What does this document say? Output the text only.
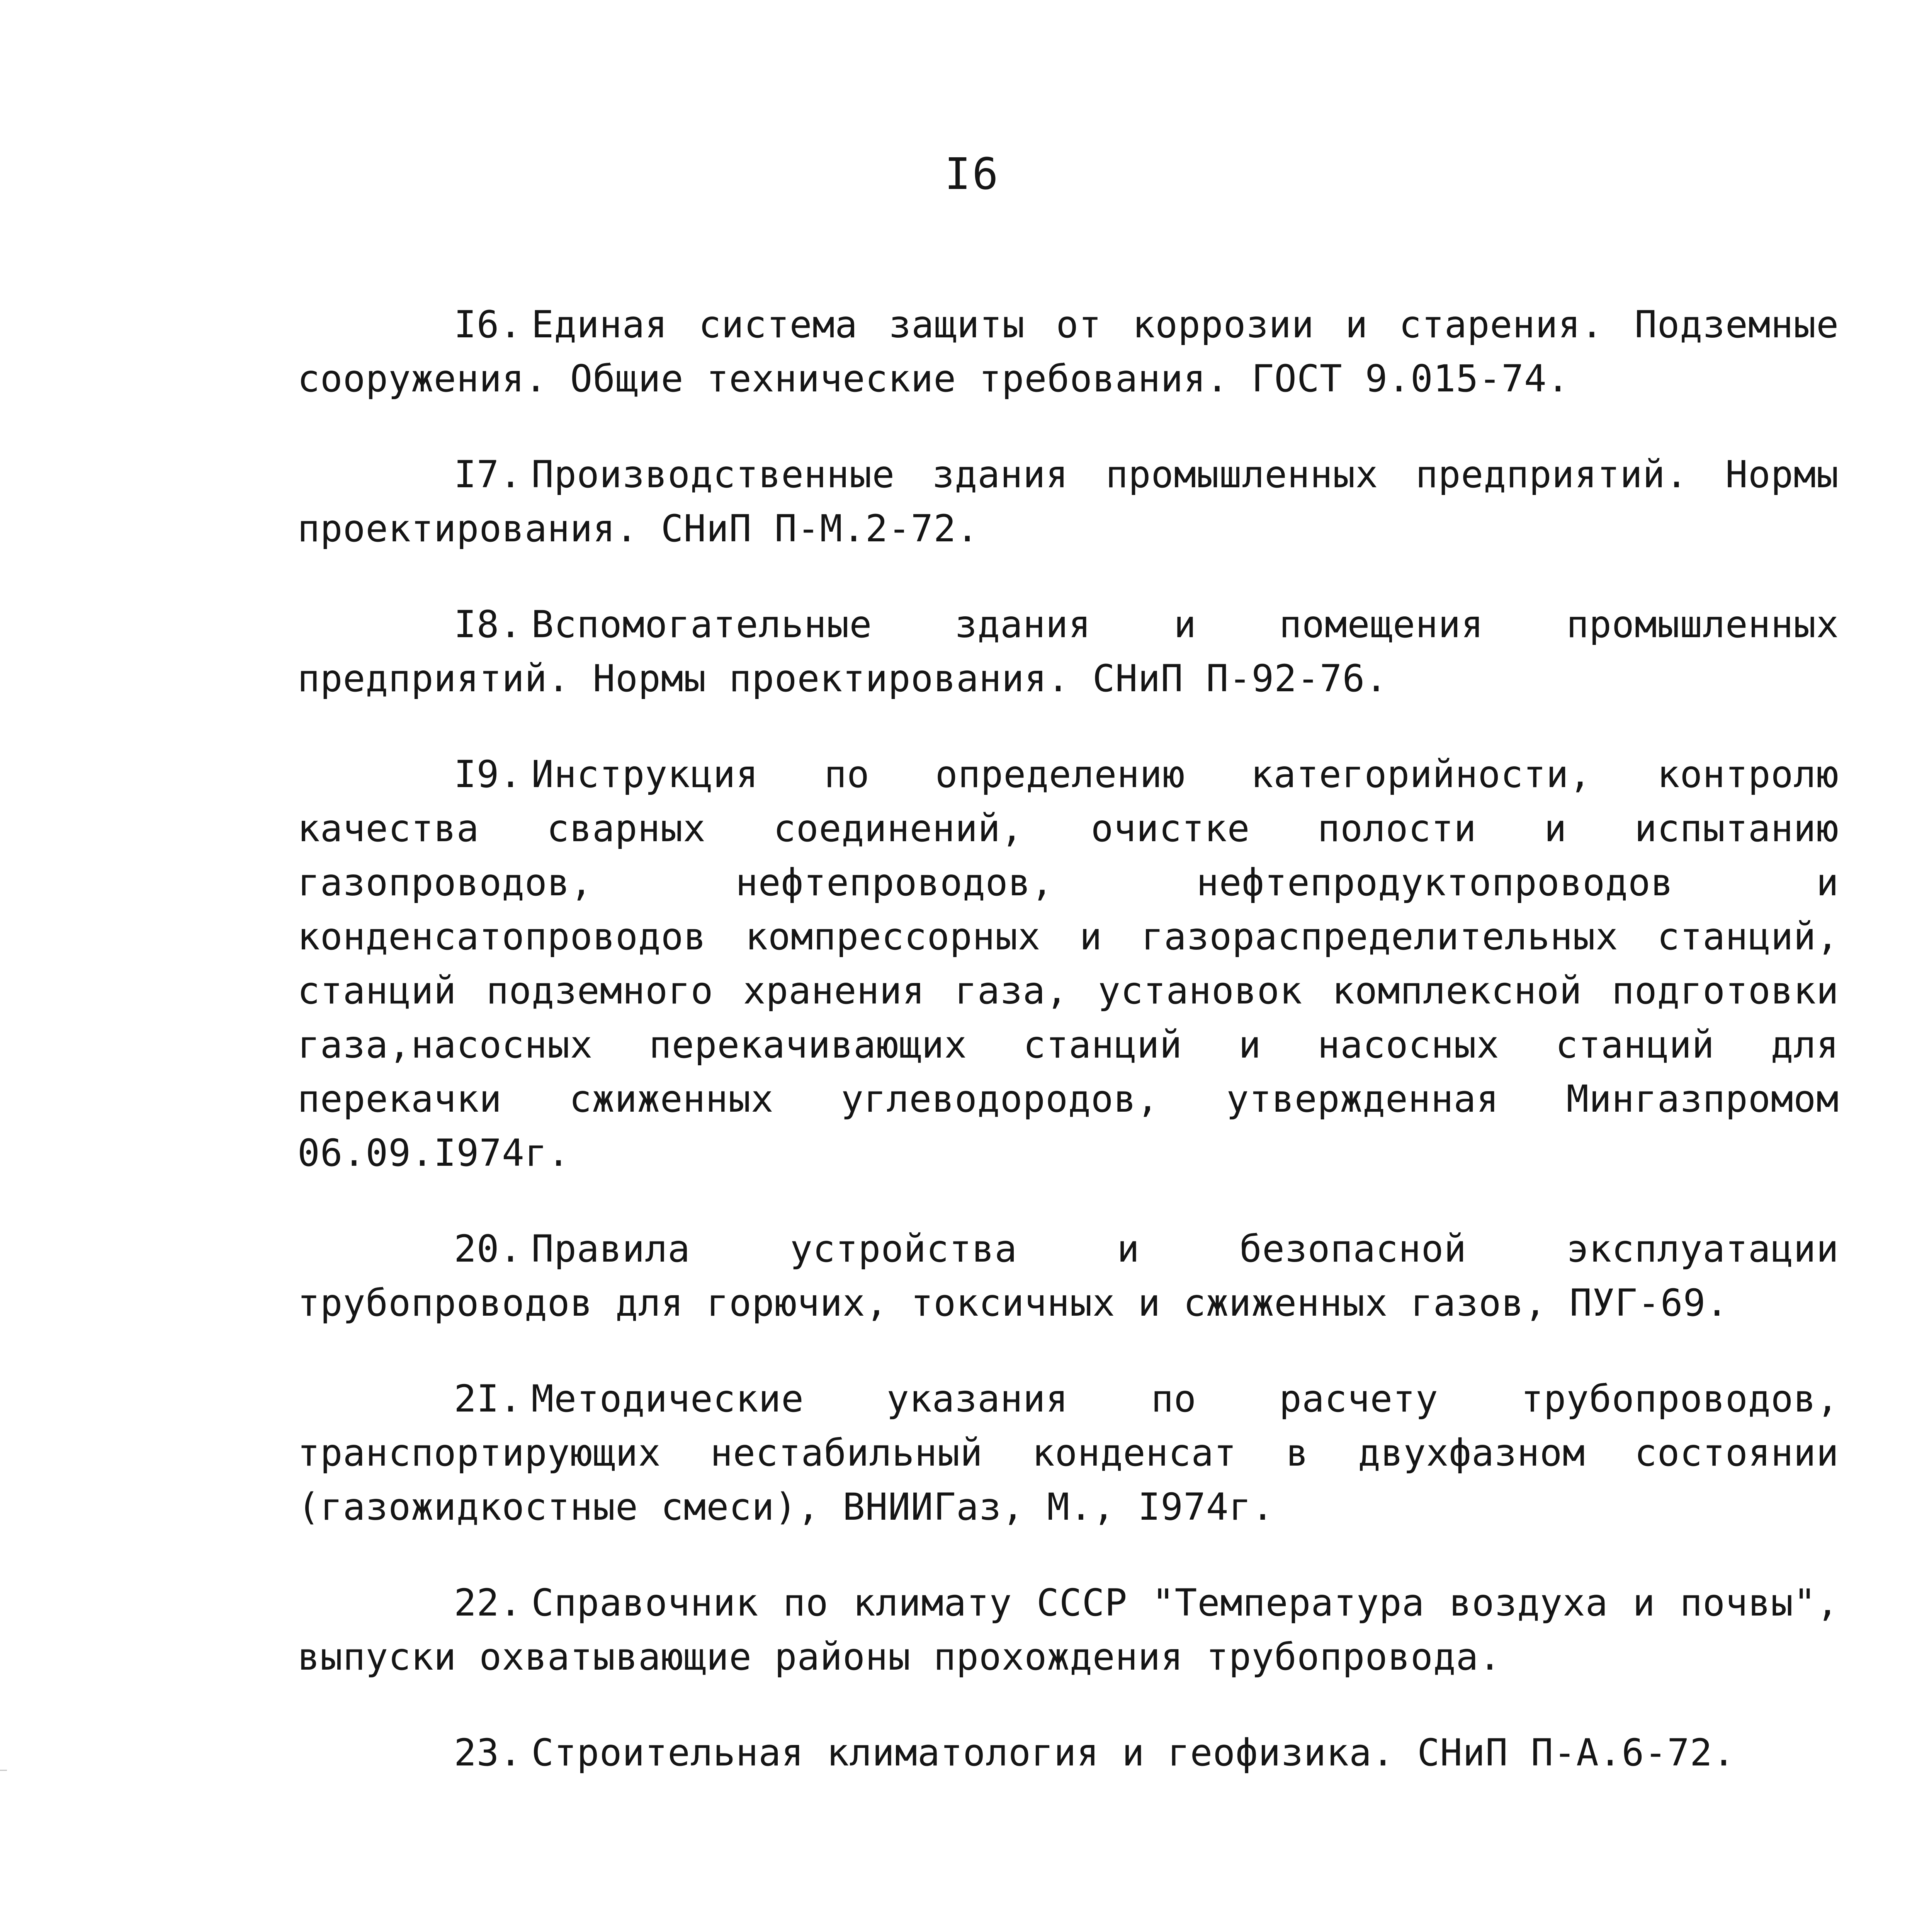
I6

I6. Единая система защиты от коррозии и старения. Подземные сооружения. Общие технические требования. ГОСТ 9.015-74.

I7. Производственные здания промышленных предприятий. Нормы проектирования. СНиП П-М.2-72.

I8. Вспомогательные здания и помещения промышленных предприятий. Нормы проектирования. СНиП П-92-76.

I9. Инструкция по определению категорийности, контролю качества сварных соединений, очистке полости и испытанию газопроводов, нефтепроводов, нефтепродуктопроводов и конденсатопроводов компрессорных и газораспределительных станций, станций подземного хранения газа, установок комплексной подготовки газа,насосных перекачивающих станций и насосных станций для перекачки сжиженных углеводородов, утвержденная Мингазпромом 06.09.I974г.

20. Правила устройства и безопасной эксплуатации трубопроводов для горючих, токсичных и сжиженных газов, ПУГ-69.

2I. Методические указания по расчету трубопроводов, транспортирующих нестабильный конденсат в двухфазном состоянии (газожидкостные смеси), ВНИИГаз, М., I974г.

22. Справочник по климату СССР "Температура воздуха и почвы", выпуски охватывающие районы прохождения трубопровода.

23. Строительная климатология и геофизика. СНиП П-А.6-72.
